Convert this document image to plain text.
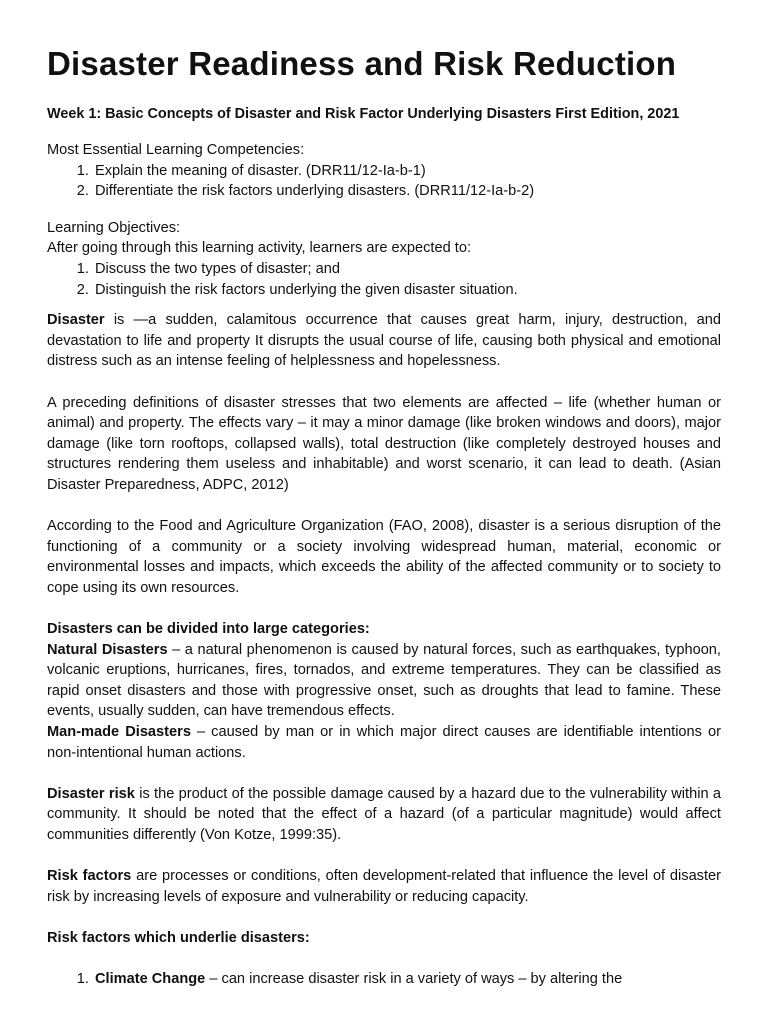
Disaster Readiness and Risk Reduction
Week 1: Basic Concepts of Disaster and Risk Factor Underlying Disasters First Edition, 2021

Most Essential Learning Competencies:

1. Explain the meaning of disaster. (DRR11/12-Ia-b-1)
2. Differentiate the risk factors underlying disasters. (DRR11/12-Ia-b-2)

Learning Objectives:

After going through this learning activity, learners are expected to:

1. Discuss the two types of disaster; and
2. Distinguish the risk factors underlying the given disaster situation.

Disaster is —a sudden, calamitous occurrence that causes great harm, injury, destruction, and devastation to life and property It disrupts the usual course of life, causing both physical and emotional distress such as an intense feeling of helplessness and hopelessness.

A preceding definitions of disaster stresses that two elements are affected – life (whether human or animal) and property. The effects vary – it may a minor damage (like broken windows and doors), major damage (like torn rooftops, collapsed walls), total destruction (like completely destroyed houses and structures rendering them useless and inhabitable) and worst scenario, it can lead to death. (Asian Disaster Preparedness, ADPC, 2012)

According to the Food and Agriculture Organization (FAO, 2008), disaster is a serious disruption of the functioning of a community or a society involving widespread human, material, economic or environmental losses and impacts, which exceeds the ability of the affected community or to society to cope using its own resources.

Disasters can be divided into large categories:

Natural Disasters – a natural phenomenon is caused by natural forces, such as earthquakes, typhoon, volcanic eruptions, hurricanes, fires, tornados, and extreme temperatures. They can be classified as rapid onset disasters and those with progressive onset, such as droughts that lead to famine. These events, usually sudden, can have tremendous effects.

Man-made Disasters – caused by man or in which major direct causes are identifiable intentions or non-intentional human actions.

Disaster risk is the product of the possible damage caused by a hazard due to the vulnerability within a community. It should be noted that the effect of a hazard (of a particular magnitude) would affect communities differently (Von Kotze, 1999:35).

Risk factors are processes or conditions, often development-related that influence the level of disaster risk by increasing levels of exposure and vulnerability or reducing capacity.

Risk factors which underlie disasters:

1. Climate Change – can increase disaster risk in a variety of ways – by altering the
